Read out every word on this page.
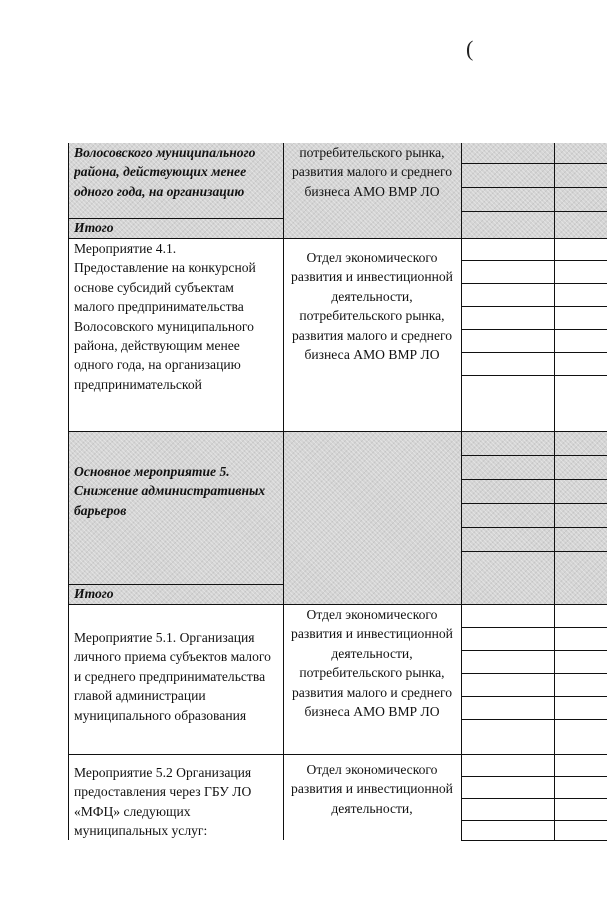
(
Волосовского муниципального района, действующих менее одного года, на организацию
потребительского рынка, развития малого и среднего бизнеса АМО ВМР ЛО
Итого
Мероприятие 4.1. Предоставление на конкурсной основе субсидий субъектам малого предпринимательства Волосовского муниципального района, действующим менее одного года, на организацию предпринимательской
Отдел экономического развития и инвестиционной деятельности, потребительского рынка, развития малого и среднего бизнеса АМО ВМР ЛО
Основное мероприятие 5. Снижение административных барьеров
Итого
Мероприятие 5.1. Организация личного приема субъектов малого и среднего предпринимательства главой администрации муниципального образования
Отдел экономического развития и инвестиционной деятельности, потребительского рынка, развития малого и среднего бизнеса АМО ВМР ЛО
Мероприятие 5.2 Организация предоставления через ГБУ ЛО «МФЦ» следующих муниципальных услуг:
Отдел экономического развития и инвестиционной деятельности,
